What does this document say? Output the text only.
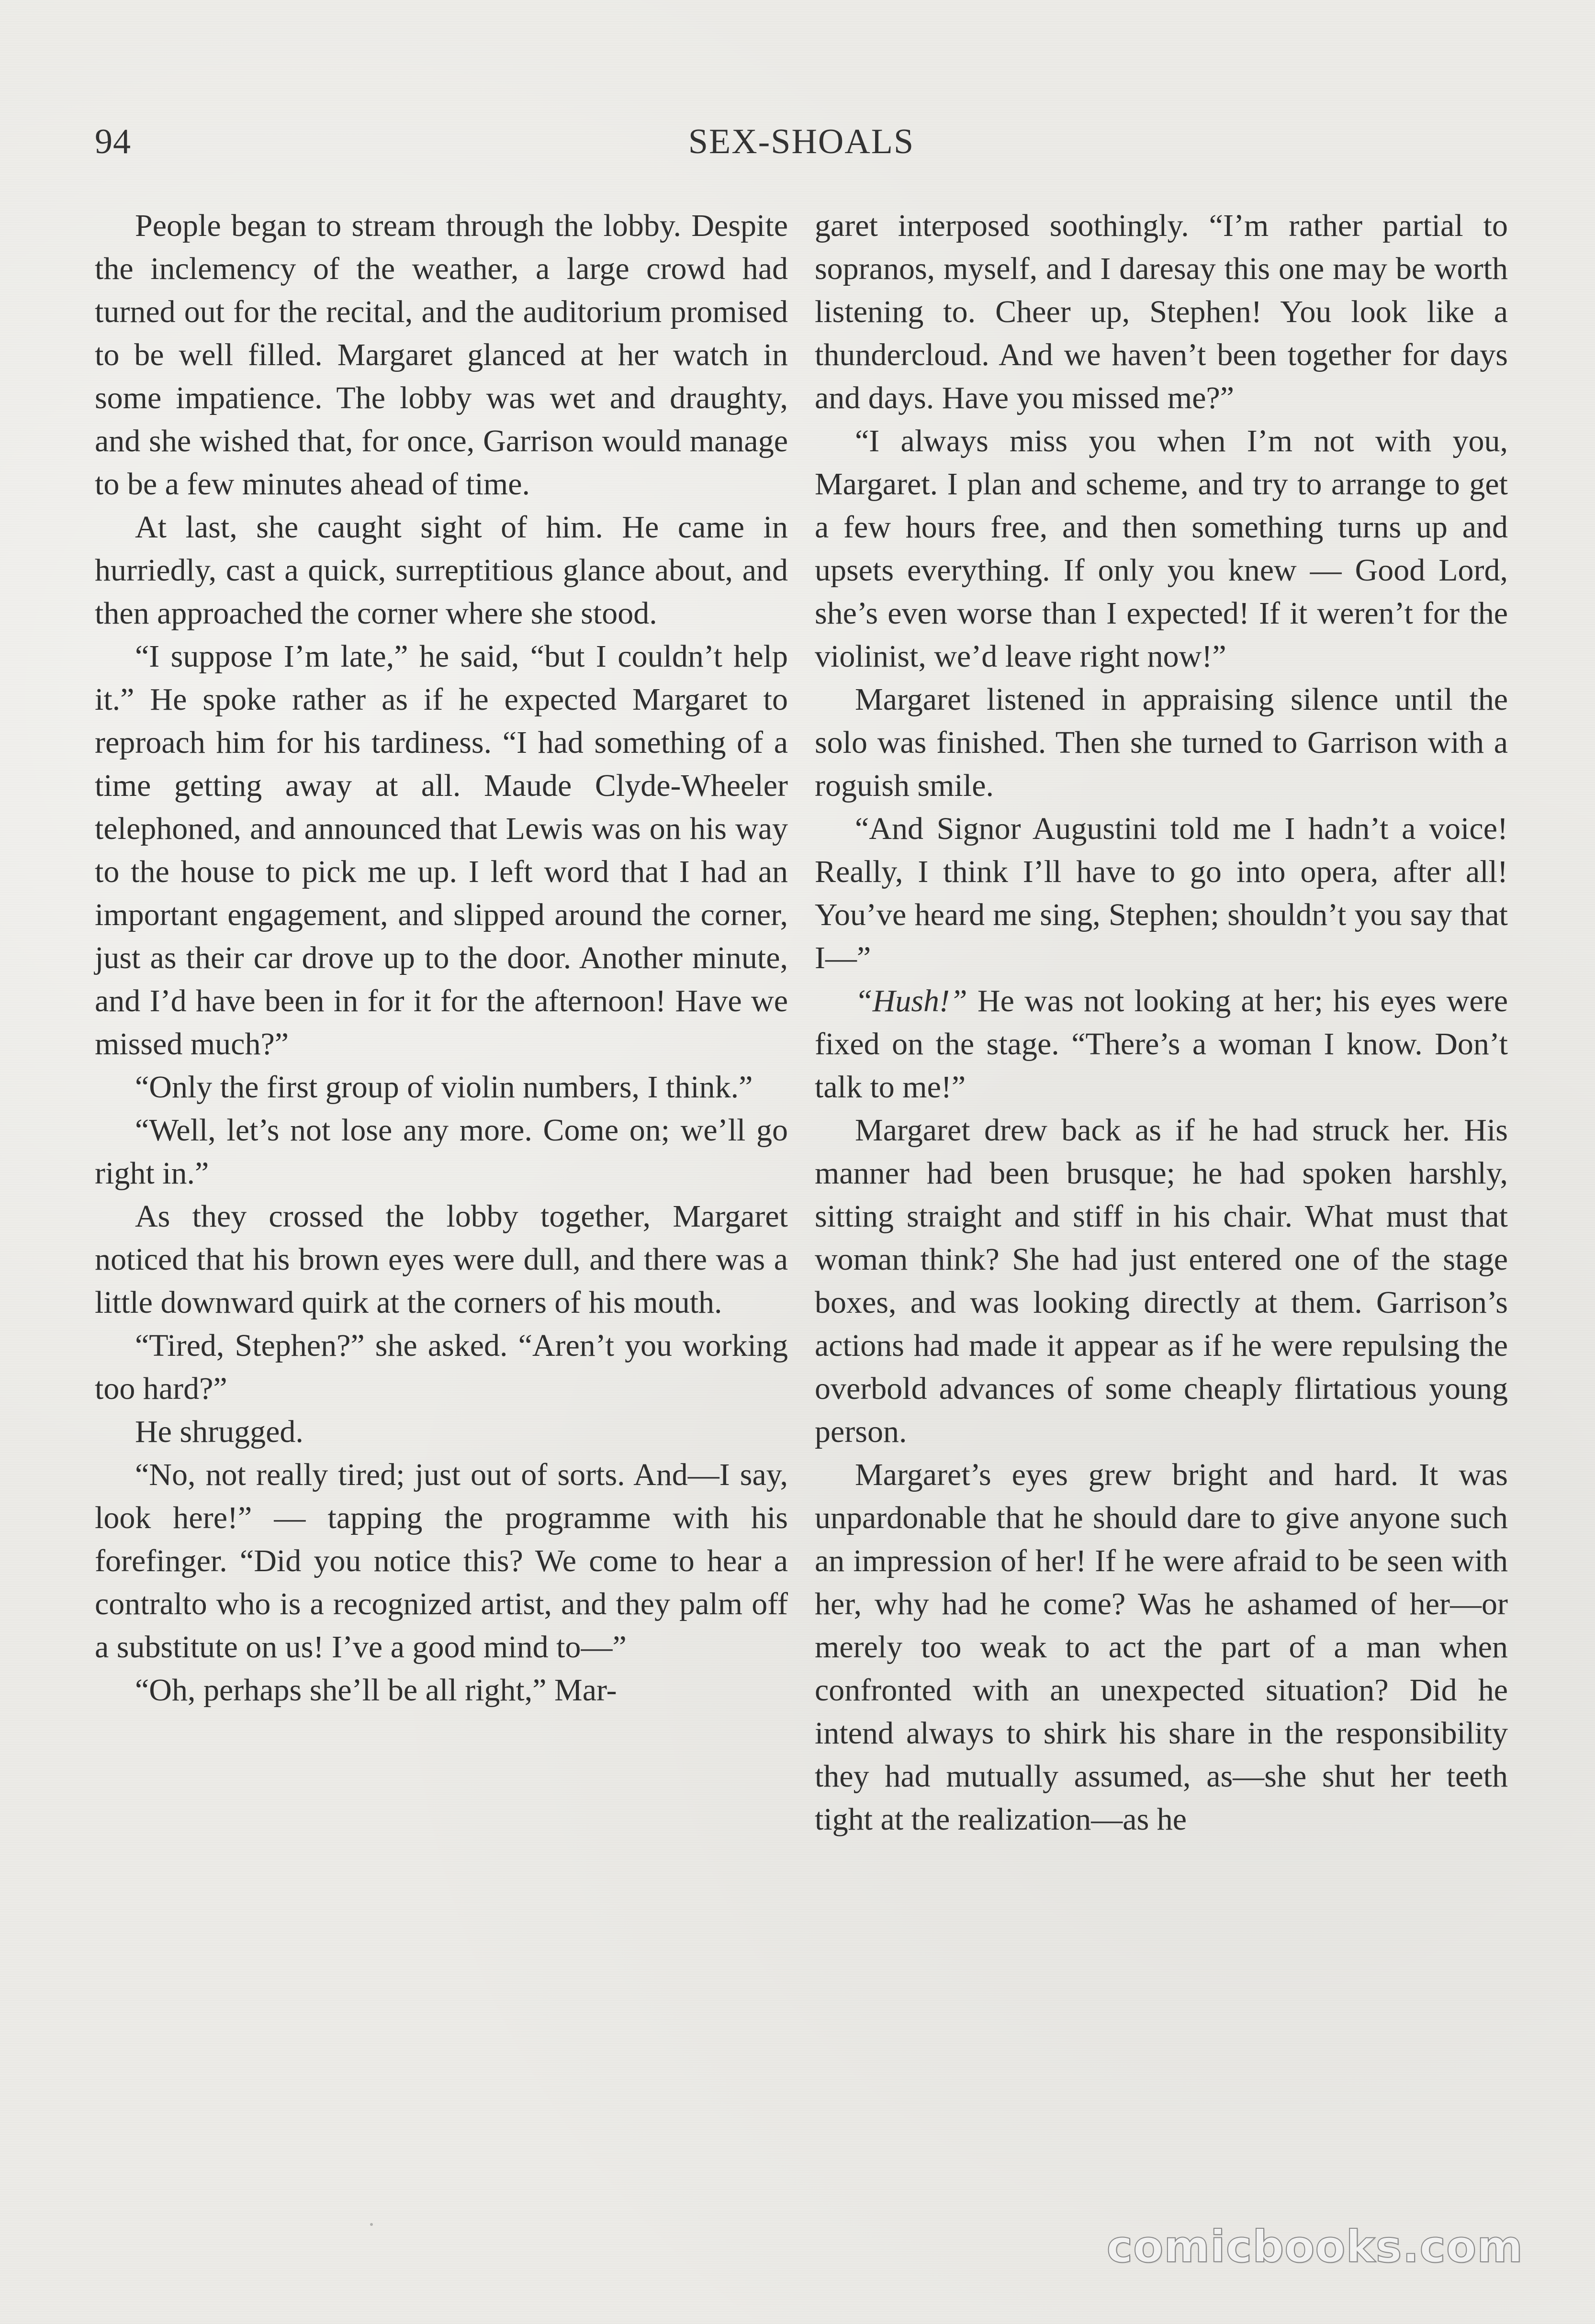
94	SEX-SHOALS

People began to stream through the lobby. Despite the inclemency of the weather, a large crowd had turned out for the recital, and the auditorium promised to be well filled. Margaret glanced at her watch in some impatience. The lobby was wet and draughty, and she wished that, for once, Garrison would manage to be a few minutes ahead of time.

At last, she caught sight of him. He came in hurriedly, cast a quick, surreptitious glance about, and then approached the corner where she stood.

“I suppose I’m late,” he said, “but I couldn’t help it.” He spoke rather as if he expected Margaret to reproach him for his tardiness. “I had something of a time getting away at all. Maude Clyde-Wheeler telephoned, and announced that Lewis was on his way to the house to pick me up. I left word that I had an important engagement, and slipped around the corner, just as their car drove up to the door. Another minute, and I’d have been in for it for the afternoon! Have we missed much?”

“Only the first group of violin numbers, I think.”

“Well, let’s not lose any more. Come on; we’ll go right in.”

As they crossed the lobby together, Margaret noticed that his brown eyes were dull, and there was a little downward quirk at the corners of his mouth.

“Tired, Stephen?” she asked. “Aren’t you working too hard?”

He shrugged.

“No, not really tired; just out of sorts. And—I say, look here!” — tapping the programme with his forefinger. “Did you notice this? We come to hear a contralto who is a recognized artist, and they palm off a substitute on us! I’ve a good mind to—”

“Oh, perhaps she’ll be all right,” Mar-

garet interposed soothingly. “I’m rather partial to sopranos, myself, and I daresay this one may be worth listening to. Cheer up, Stephen! You look like a thundercloud. And we haven’t been together for days and days. Have you missed me?”

“I always miss you when I’m not with you, Margaret. I plan and scheme, and try to arrange to get a few hours free, and then something turns up and upsets everything. If only you knew — Good Lord, she’s even worse than I expected! If it weren’t for the violinist, we’d leave right now!”

Margaret listened in appraising silence until the solo was finished. Then she turned to Garrison with a roguish smile.

“And Signor Augustini told me I hadn’t a voice! Really, I think I’ll have to go into opera, after all! You’ve heard me sing, Stephen; shouldn’t you say that I—”

“Hush!” He was not looking at her; his eyes were fixed on the stage. “There’s a woman I know. Don’t talk to me!”

Margaret drew back as if he had struck her. His manner had been brusque; he had spoken harshly, sitting straight and stiff in his chair. What must that woman think? She had just entered one of the stage boxes, and was looking directly at them. Garrison’s actions had made it appear as if he were repulsing the overbold advances of some cheaply flirtatious young person.

Margaret’s eyes grew bright and hard. It was unpardonable that he should dare to give anyone such an impression of her! If he were afraid to be seen with her, why had he come? Was he ashamed of her—or merely too weak to act the part of a man when confronted with an unexpected situation? Did he intend always to shirk his share in the responsibility they had mutually assumed, as—she shut her teeth tight at the realization—as he

comicbooks.com
